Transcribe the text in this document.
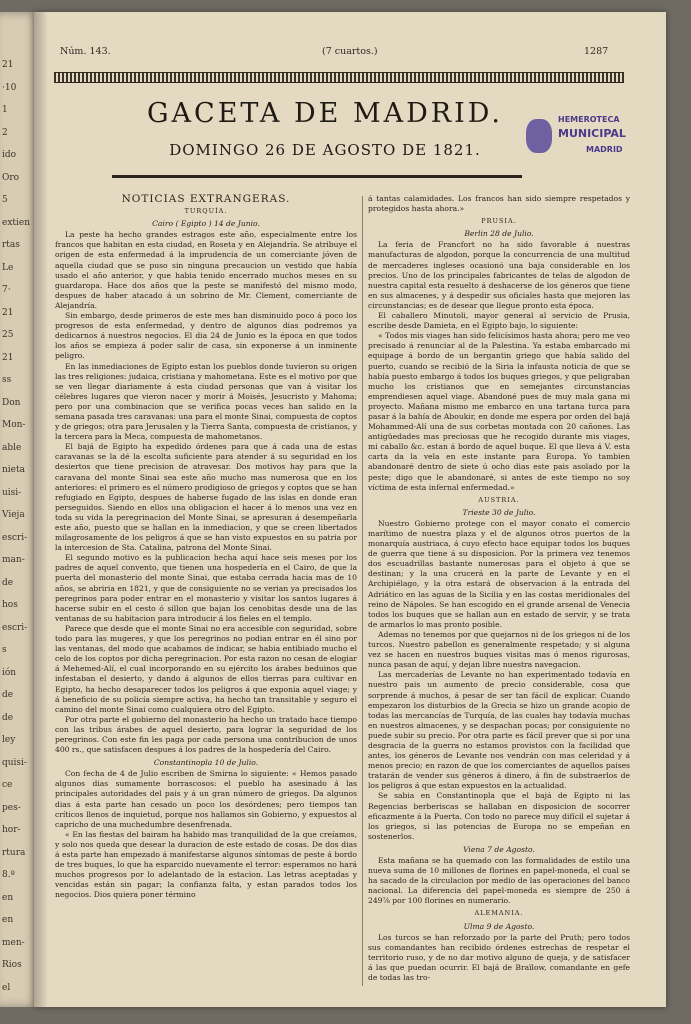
21
·10
1
2
ido
Oro
5
extien
rtas
Le
7·
21
25
21
ss
Don
Mon-
able
nieta
uisi-
Vieja
escri-
man-
de
hos
escri-
s
ión
de
de
ley
quisi-
ce
pes-
hor-
rtura
8.º
en
en
men-
Rios
el
Núm. 143.	(7 cuartos.)	1287
GACETA DE MADRID.
DOMINGO 26 DE AGOSTO DE 1821.
HEMEROTECA
MUNICIPAL
MADRID
NOTICIAS EXTRANGERAS.
TURQUÍA.
Cairo ( Egipto ) 14 de Junio.

La peste ha hecho grandes estragos este año, especialmente entre los francos que habitan en esta ciudad, en Roseta y en Alejandría. Se atribuye el origen de esta enfermedad á la imprudencia de un comerciante jóven de aquella ciudad que se puso sin ninguna precaucion un vestido que había usado el año anterior, y que habia tenido encerrado muchos meses en su guardaropa. Hace dos años que la peste se manifestó del mismo modo, despues de haber atacado á un sobrino de Mr. Clement, comerciante de Alejandría.

Sin embargo, desde primeros de este mes han disminuido poco á poco los progresos de esta enfermedad, y dentro de algunos dias podremos ya dedicarnos á nuestros negocios. El dia 24 de Junio es la época en que todos los años se empieza á poder salir de casa, sin exponerse á un inminente peligro.

En las inmediaciones de Egipto estan los pueblos donde tuvieron su origen las tres religiones: judaica, cristiana y mahometana. Este es el motivo por que se ven llegar diariamente á esta ciudad personas que van á visitar los célebres lugares que vieron nacer y morir á Moisés, Jesucristo y Mahoma; pero por una combinacion que se verifica pocas veces han salido en la semana pasada tres caravanas: una para el monte Sinai, compuesta de coptos y de griegos; otra para Jerusalen y la Tierra Santa, compuesta de cristianos, y la tercera para la Meca, compuesta de mahometanos.

El bajá de Egipto ha expedido órdenes para que á cada una de estas caravanas se la dé la escolta suficiente para atender á su seguridad en los desiertos que tiene precision de atravesar. Dos motivos hay para que la caravana del monte Sinai sea este año mucho mas numerosa que en los anteriores: el primero es el número prodigioso de griegos y coptos que se han refugiado en Egipto, despues de haberse fugado de las islas en donde eran perseguidos. Siendo en ellos una obligacion el hacer á lo menos una vez en toda su vida la peregrinacion del Monte Sinai, se apresuran á desempeñarla este año, puesto que se hallan en la inmediacion, y que se creen libertados milagrosamente de los peligros á que se han visto expuestos en su patria por la intercesion de Sta. Catalina, patrona del Monte Sinai.

El segundo motivo es la publicacion hecha aquí hace seis meses por los padres de aquel convento, que tienen una hospedería en el Cairo, de que la puerta del monasterio del monte Sinai, que estaba cerrada hacia mas de 10 años, se abriria en 1821, y que de consiguiente no se verian ya precisados los peregrinos para poder entrar en el monasterio y visitar los santos lugares á hacerse subir en el cesto ó sillon que bajan los cenobitas desde una de las ventanas de su habitacion para introducir á los fieles en el templo.

Parece que desde que el monte Sinai no era accesible con seguridad, sobre todo para las mugeres, y que los peregrinos no podian entrar en él sino por las ventanas, del modo que acabamos de indicar, se habia entibiado mucho el celo de los coptos por dicha peregrinacion. Por esta razon no cesan de elogiar á Mehemed-Alí, el cual incorporando en su ejército los árabes beduinos que infestaban el desierto, y dando á algunos de ellos tierras para cultivar en Egipto, ha hecho desaparecer todos los peligros á que exponia aquel viage; y á beneficio de su policía siempre activa, ha hecho tan transitable y seguro el camino del monte Sinai como cualquiera otro del Egipto.

Por otra parte el gobierno del monasterio ha hecho un tratado hace tiempo con las tribus árabes de aquel desierto, para lograr la seguridad de los peregrinos. Con este fin les paga por cada persona una contribucion de unos 400 rs., que satisfacen despues á los padres de la hospedería del Cairo.

Constantinopla 10 de Julio.

Con fecha de 4 de Julio escriben de Smirna lo siguiente: « Hemos pasado algunos dias sumamente borrascosos: el pueblo ha asesinado á las principales autoridades del pais y á un gran número de griegos. Da algunos dias á esta parte han cesado un poco los desórdenes; pero tiempos tan críticos llenos de inquietud, porque nos hallamos sin Gobierno, y expuestos al capricho de una muchedumbre desenfrenada.

« En las fiestas del bairam ha habido mas tranquilidad de la que creíamos, y solo nos queda que desear la duracion de este estado de cosas. De dos dias á esta parte han empezado á manifestarse algunos síntomas de peste á bordo de tres buques, lo que ha esparcido nuevamente el terror: esperamos no hará muchos progresos por lo adelantado de la estacion. Las letras aceptadas y vencidas están sin pagar; la confianza falta, y estan parados todos los negocios. Dios quiera poner término

á tantas calamidades. Los francos han sido siempre respetados y protegidos hasta ahora.»

PRUSIA.
Berlin 28 de Julio.

La feria de Francfort no ha sido favorable á nuestras manufacturas de algodon, porque la concurrencia de una multitud de mercaderes ingleses ocasionó una baja considerable en los precios. Uno de los principales fabricantes de telas de algodon de nuestra capital esta resuelto á deshacerse de los géneros que tiene en sus almacenes, y á despedir sus oficiales hasta que mejoren las circunstancias; es de desear que llegue pronto esta época.

El caballero Minutoli, mayor general al servicio de Prusia, escribe desde Damieta, en el Egipto bajo, lo siguiente:

« Todos mis viages han sido felicísimos hasta ahora; pero me veo precisado á renunciar al de la Palestina. Ya estaba embarcado mi equipage á bordo de un bergantin griego que había salido del puerto, cuando se recibió de la Siria la infausta noticia de que se había puesto embargo á todos los buques griegos, y que peligraban mucho los cristianos que en semejantes circunstancias emprendiesen aquel viage. Abandoné pues de muy mala gana mi proyecto. Mañana mismo me embarco en una tartana turca para pasar á la bahía de Aboukir, en donde me espera por orden del bajá Mohammed-Alí una de sus corbetas montada con 20 cañones. Las antigüedades mas preciosas que he recogido durante mis viages, mi caballo &c. estan á bordo de aquel buque. El que lleva á V. esta carta da la vela en este instante para Europa. Yo tambien abandonaré dentro de siete ú ocho dias este pais asolado por la peste; digo que le abandonaré, si antes de este tiempo no soy víctima de esta infernal enfermedad.»

AUSTRIA.
Trieste 30 de Julio.

Nuestro Gobierno protege con el mayor conato el comercio marítimo de nuestra plaza y el de algunos otros puertos de la monarquía austriaca, á cuyo efecto hace equipar todos los buques de guerra que tiene á su disposicion. Por la primera vez tenemos dos escuadrillas bastante numerosas para el objeto á que se destinan; y la una crucerá en la parte de Levante y en el Archipiélago, y la otra estará de observacion á la entrada del Adriático en las aguas de la Sicilia y en las costas meridionales del reino de Nápoles. Se han escogido en el grande arsenal de Venecia todos los buques que se hallan aun en estado de servir, y se trata de armarlos lo mas pronto posible.

Ademas no tenemos por que quejarnos ni de los griegos ni de los turcos. Nuestro pabellon es generalmente respetado; y si alguna vez se hacen en nuestros buques visitas mas ó menos rigurosas, nunca pasan de aquí, y dejan libre nuestra navegacion.

Las mercaderías de Levante no han experimentado todavía en nuestro pais un aumento de precio considerable, cosa que sorprende á muchos, á pesar de ser tan fácil de explicar. Cuando empezaron los disturbios de la Grecia se hizo un grande acopio de todas las mercancías de Turquía, de las cuales hay todavía muchas en nuestros almacenes, y se despachan pocas; por consiguiente no puede subir su precio. Por otra parte es fácil prever que si por una desgracia de la guerra no estamos provistos con la facilidad que antes, los géneros de Levante nos vendrán con mas celeridad y á menos precio; en razon de que los comerciantes de aquellos paises tratarán de vender sus géneros á dinero, á fin de substraerlos de los peligros á que estan expuestos en la actualidad.

Se sabia en Constantinopla que el bajá de Egipto ni las Regencias berberiscas se hallaban en disposicion de socorrer eficazmente á la Puerta. Con todo no parece muy difícil el sujetar á los griegos, si las potencias de Europa no se empeñan en sostenerlos.

Viena 7 de Agosto.

Esta mañana se ha quemado con las formalidades de estilo una nueva suma de 10 millones de florines en papel-moneda, el cual se ha sacado de la circulacion por medio de las operaciones del banco nacional. La diferencia del papel-moneda es siempre de 250 á 249⅞ por 100 florines en numerario.

ALEMANIA.
Ulma 9 de Agosto.

Los turcos se han reforzado por la parte del Pruth; pero todos sus comandantes han recibido órdenes estrechas de respetar el territorio ruso, y de no dar motivo alguno de queja, y de satisfacer á las que puedan ocurrir. El bajá de Braïlow, comandante en gefe de todas las tro-
